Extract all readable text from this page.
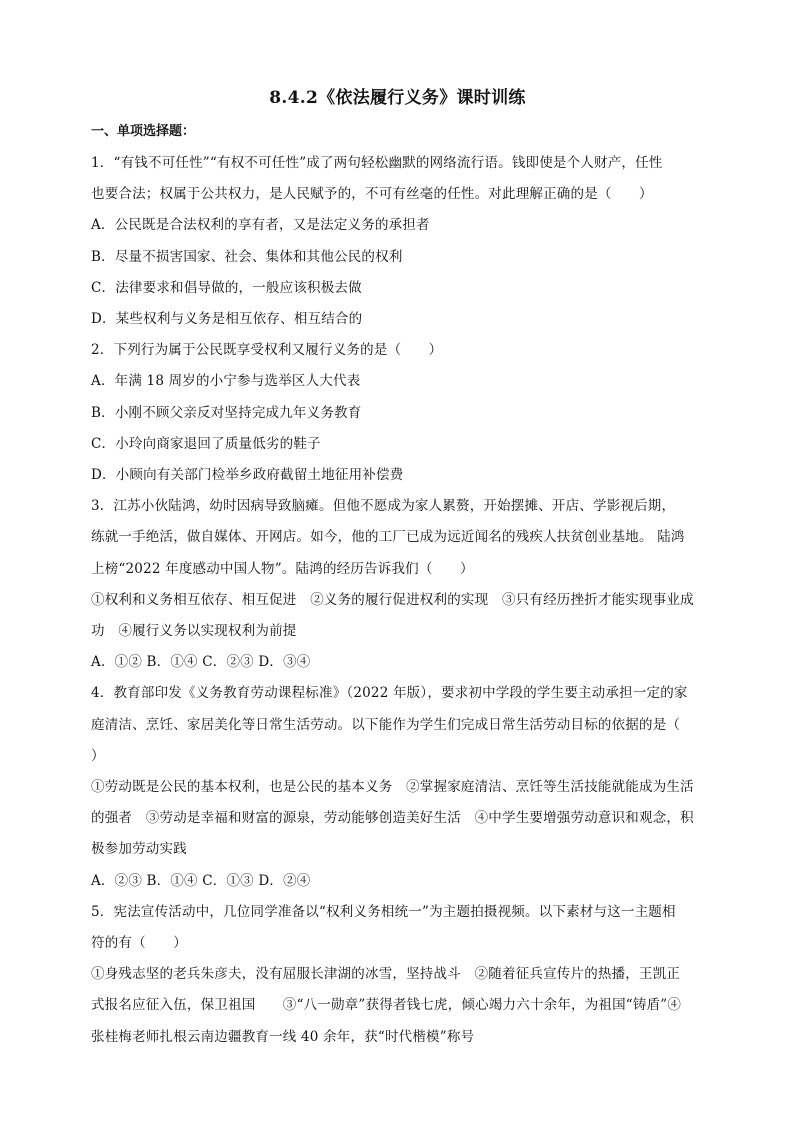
8.4.2《依法履行义务》课时训练
一、单项选择题：
1．“有钱不可任性”“有权不可任性”成了两句轻松幽默的网络流行语。钱即使是个人财产，任性
也要合法；权属于公共权力，是人民赋予的，不可有丝毫的任性。对此理解正确的是（　　）
A．公民既是合法权利的享有者，又是法定义务的承担者
B．尽量不损害国家、社会、集体和其他公民的权利
C．法律要求和倡导做的，一般应该积极去做
D．某些权利与义务是相互依存、相互结合的
2．下列行为属于公民既享受权利又履行义务的是（　　）
A．年满 18 周岁的小宁参与选举区人大代表
B．小刚不顾父亲反对坚持完成九年义务教育
C．小玲向商家退回了质量低劣的鞋子
D．小顾向有关部门检举乡政府截留土地征用补偿费
3．江苏小伙陆鸿，幼时因病导致脑瘫。但他不愿成为家人累赘，开始摆摊、开店、学影视后期，
练就一手绝活，做自媒体、开网店。如今，他的工厂已成为远近闻名的残疾人扶贫创业基地。 陆鸿
上榜“2022 年度感动中国人物”。陆鸿的经历告诉我们（　　）
①权利和义务相互依存、相互促进　②义务的履行促进权利的实现　③只有经历挫折才能实现事业成
功　④履行义务以实现权利为前提
A．①② B．①④ C．②③ D．③④
4．教育部印发《义务教育劳动课程标准》（2022 年版），要求初中学段的学生要主动承担一定的家
庭清洁、烹饪、家居美化等日常生活劳动。以下能作为学生们完成日常生活劳动目标的依据的是（
）
①劳动既是公民的基本权利，也是公民的基本义务　②掌握家庭清洁、烹饪等生活技能就能成为生活
的强者　③劳动是幸福和财富的源泉，劳动能够创造美好生活　④中学生要增强劳动意识和观念，积
极参加劳动实践
A．②③ B．①④ C．①③ D．②④
5．宪法宣传活动中，几位同学准备以“权利义务相统一”为主题拍摄视频。以下素材与这一主题相
符的有（　　）
①身残志坚的老兵朱彦夫，没有屈服长津湖的冰雪，坚持战斗　②随着征兵宣传片的热播，王凯正
式报名应征入伍，保卫祖国　　③“八一勋章”获得者钱七虎，倾心竭力六十余年，为祖国“铸盾”④
张桂梅老师扎根云南边疆教育一线 40 余年，获“时代楷模”称号
